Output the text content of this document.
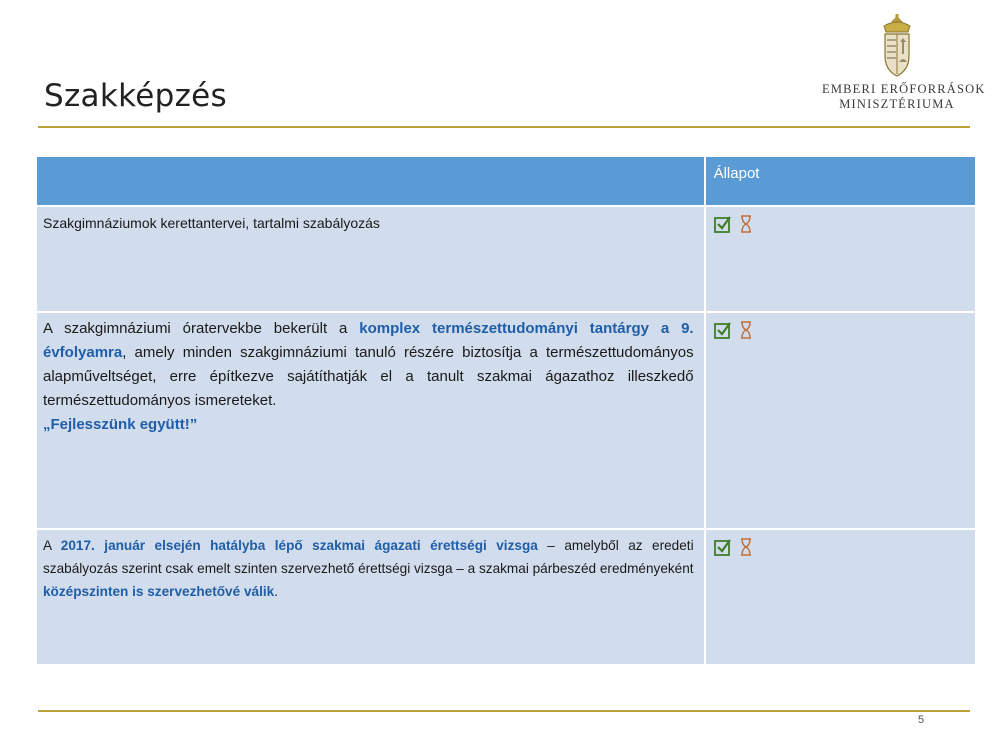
Szakképzés	EMBERI ERŐFORRÁSOK
MINISZTÉRIUMA
	Állapot

Szakgimnáziumok kerettantervei, tartalmi szabályozás

A szakgimnáziumi óratervekbe bekerült a komplex természettudományi tantárgy a 9. évfolyamra, amely minden szakgimnáziumi tanuló részére biztosítja a természettudományos alapműveltséget, erre építkezve sajátíthatják el a tanult szakmai ágazathoz illeszkedő természettudományos ismereteket.
„Fejlesszünk együtt!”

A 2017. január elsején hatályba lépő szakmai ágazati érettségi vizsga – amelyből az eredeti szabályozás szerint csak emelt szinten szervezhető érettségi vizsga – a szakmai párbeszéd eredményeként középszinten is szervezhetővé válik.

5
